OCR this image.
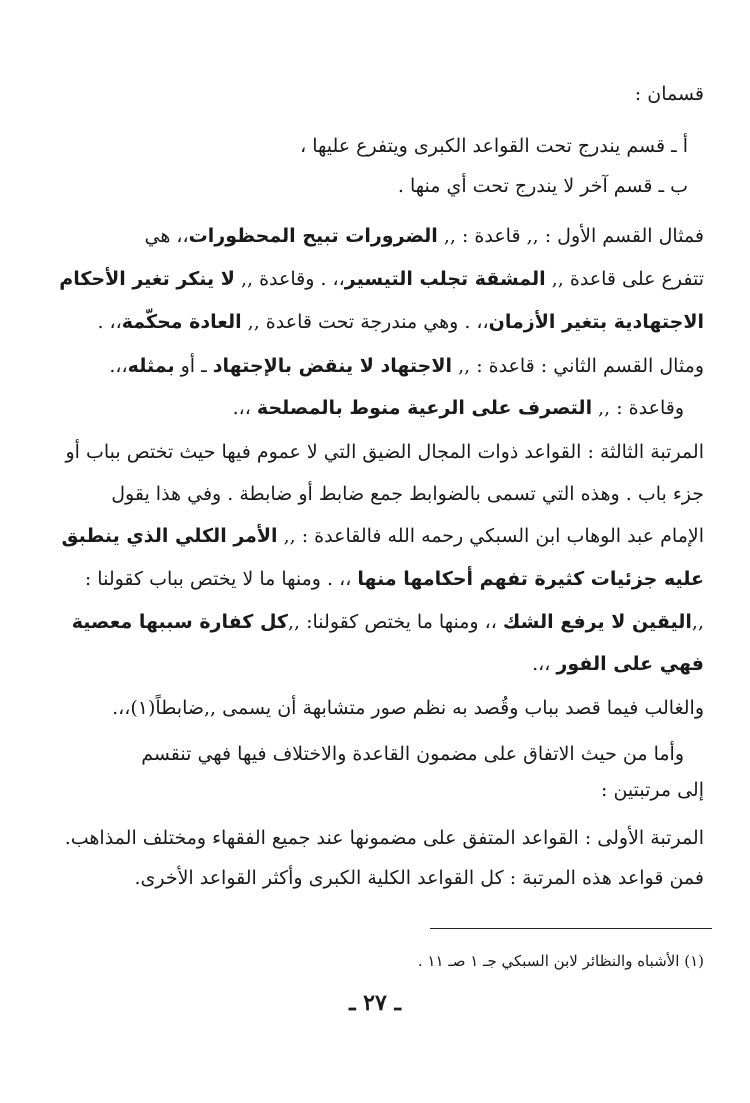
قسمان :
أ ـ قسم يندرج تحت القواعد الكبرى ويتفرع عليها ،
ب ـ قسم آخر لا يندرج تحت أي منها .
فمثال القسم الأول : ,, قاعدة : ,, الضرورات تبيح المحظورات،، هي
تتفرع على قاعدة ,, المشقة تجلب التيسير،، . وقاعدة ,, لا ينكر تغير الأحكام
الاجتهادية بتغير الأزمان،، . وهي مندرجة تحت قاعدة ,, العادة محكّمة،، .
ومثال القسم الثاني : قاعدة : ,, الاجتهاد لا ينقض بالإجتهاد ـ أو بمثله،،.
وقاعدة : ,, التصرف على الرعية منوط بالمصلحة ،،.
المرتبة الثالثة : القواعد ذوات المجال الضيق التي لا عموم فيها حيث تختص بباب أو
جزء باب . وهذه التي تسمى بالضوابط جمع ضابط أو ضابطة . وفي هذا يقول
الإمام عبد الوهاب ابن السبكي رحمه الله فالقاعدة : ,, الأمر الكلي الذي ينطبق
عليه جزئيات كثيرة تفهم أحكامها منها ،، . ومنها ما لا يختص بباب كقولنا :
,,اليقين لا يرفع الشك ،، ومنها ما يختص كقولنا: ,,كل كفارة سببها معصية
فهي على الفور ،،.
والغالب فيما قصد بباب وقُصد به نظم صور متشابهة أن يسمى ,,ضابطاً(١)،،.
وأما من حيث الاتفاق على مضمون القاعدة والاختلاف فيها فهي تنقسم
إلى مرتبتين :
المرتبة الأولى : القواعد المتفق على مضمونها عند جميع الفقهاء ومختلف المذاهب.
فمن قواعد هذه المرتبة : كل القواعد الكلية الكبرى وأكثر القواعد الأخرى.
(١) الأشباه والنظائر لابن السبكي جـ ١ صـ ١١ .
ـ ٢٧ ـ
